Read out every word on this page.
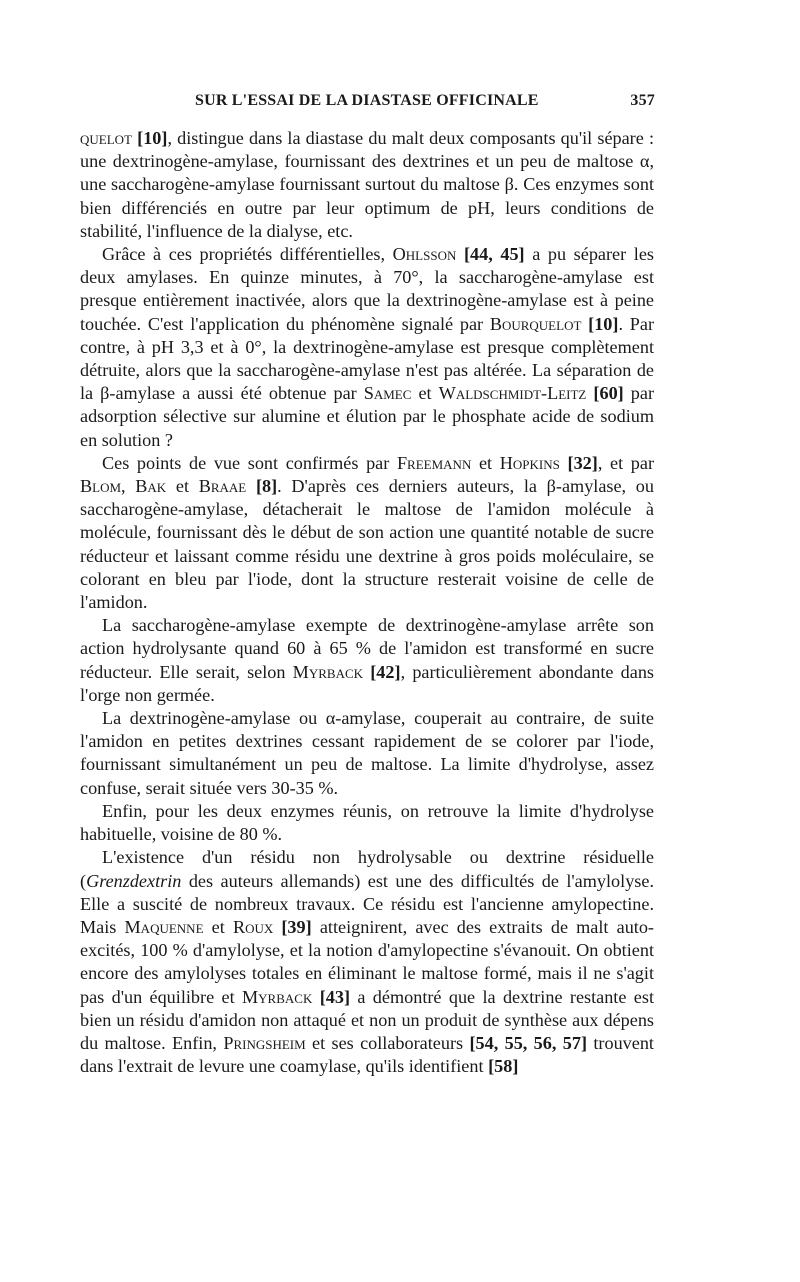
SUR L'ESSAI DE LA DIASTASE OFFICINALE	357

quelot [10], distingue dans la diastase du malt deux composants qu'il sépare : une dextrinogène-amylase, fournissant des dextrines et un peu de maltose α, une saccharogène-amylase fournissant surtout du maltose β. Ces enzymes sont bien différenciés en outre par leur optimum de pH, leurs conditions de stabilité, l'influence de la dialyse, etc.

Grâce à ces propriétés différentielles, Ohlsson [44, 45] a pu séparer les deux amylases. En quinze minutes, à 70°, la saccharogène-amylase est presque entièrement inactivée, alors que la dextrinogène-amylase est à peine touchée. C'est l'application du phénomène signalé par Bourquelot [10]. Par contre, à pH 3,3 et à 0°, la dextrinogène-amylase est presque complètement détruite, alors que la saccharogène-amylase n'est pas altérée. La séparation de la β-amylase a aussi été obtenue par Samec et Waldschmidt-Leitz [60] par adsorption sélective sur alumine et élution par le phosphate acide de sodium en solution ?

Ces points de vue sont confirmés par Freemann et Hopkins [32], et par Blom, Bak et Braae [8]. D'après ces derniers auteurs, la β-amylase, ou saccharogène-amylase, détacherait le maltose de l'amidon molécule à molécule, fournissant dès le début de son action une quantité notable de sucre réducteur et laissant comme résidu une dextrine à gros poids moléculaire, se colorant en bleu par l'iode, dont la structure resterait voisine de celle de l'amidon.

La saccharogène-amylase exempte de dextrinogène-amylase arrête son action hydrolysante quand 60 à 65 % de l'amidon est transformé en sucre réducteur. Elle serait, selon Myrback [42], particulièrement abondante dans l'orge non germée.

La dextrinogène-amylase ou α-amylase, couperait au contraire, de suite l'amidon en petites dextrines cessant rapidement de se colorer par l'iode, fournissant simultanément un peu de maltose. La limite d'hydrolyse, assez confuse, serait située vers 30-35 %.

Enfin, pour les deux enzymes réunis, on retrouve la limite d'hydrolyse habituelle, voisine de 80 %.

L'existence d'un résidu non hydrolysable ou dextrine résiduelle (Grenzdextrin des auteurs allemands) est une des difficultés de l'amylolyse. Elle a suscité de nombreux travaux. Ce résidu est l'ancienne amylopectine. Mais Maquenne et Roux [39] atteignirent, avec des extraits de malt auto-excités, 100 % d'amylolyse, et la notion d'amylopectine s'évanouit. On obtient encore des amylolyses totales en éliminant le maltose formé, mais il ne s'agit pas d'un équilibre et Myrback [43] a démontré que la dextrine restante est bien un résidu d'amidon non attaqué et non un produit de synthèse aux dépens du maltose. Enfin, Pringsheim et ses collaborateurs [54, 55, 56, 57] trouvent dans l'extrait de levure une coamylase, qu'ils identifient [58]
